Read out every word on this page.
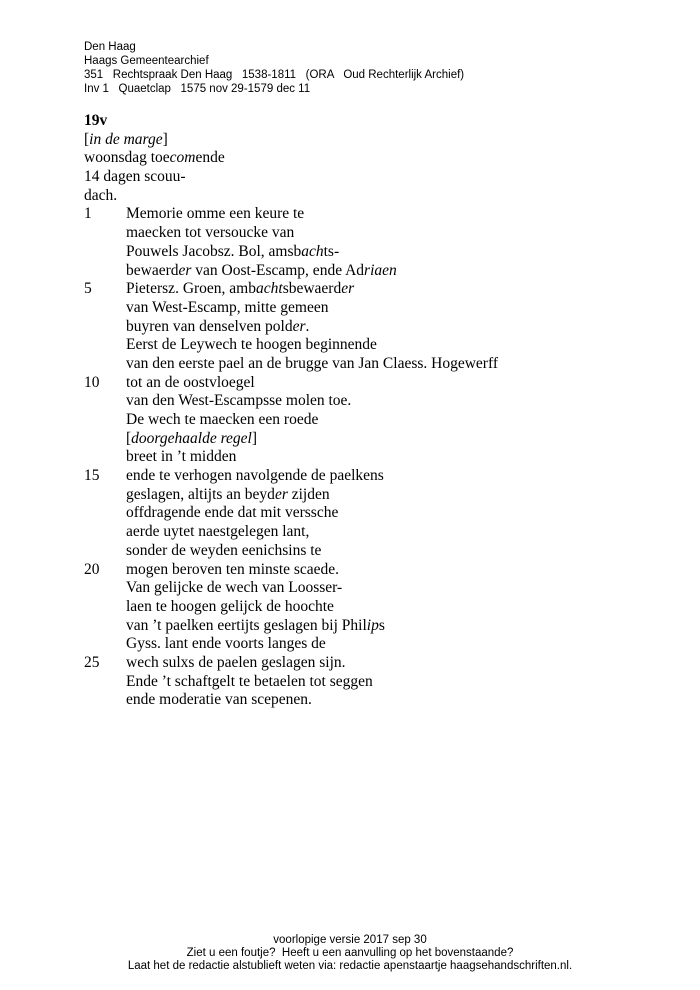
Den Haag
Haags Gemeentearchief
351   Rechtspraak Den Haag   1538-1811   (ORA   Oud Rechterlijk Archief)
Inv 1   Quaetclap   1575 nov 29-1579 dec 11
19v
[in de marge]
woonsdag toecomende
14 dagen scouu-
dach.
1 Memorie omme een keure te
maecken tot versoucke van
Pouwels Jacobsz. Bol, amsbachts-
bewaerder van Oost-Escamp, ende Adriaen
5 Pietersz. Groen, ambachtsbewaerder
van West-Escamp, mitte gemeen
buyren van denselven polder.
Eerst de Leywech te hoogen beginnende
van den eerste pael an de brugge van Jan Claess. Hogewerff
10 tot an de oostvloegel
van den West-Escampsse molen toe.
De wech te maecken een roede
[doorgehaalde regel]
breet in ’t midden
15 ende te verhogen navolgende de paelkens
geslagen, altijts an beyder zijden
offdragende ende dat mit verssche
aerde uytet naestgelegen lant,
sonder de weyden eenichsins te
20 mogen beroven ten minste scaede.
Van gelijcke de wech van Loosser-
laen te hoogen gelijck de hoochte
van ’t paelken eertijts geslagen bij Philips
Gyss. lant ende voorts langes de
25 wech sulxs de paelen geslagen sijn.
Ende ’t schaftgelt te betaelen tot seggen
ende moderatie van scepenen.
voorlopige versie 2017 sep 30
Ziet u een foutje?  Heeft u een aanvulling op het bovenstaande?
Laat het de redactie alstublieft weten via: redactie apenstaartje haagsehandschriften.nl.
